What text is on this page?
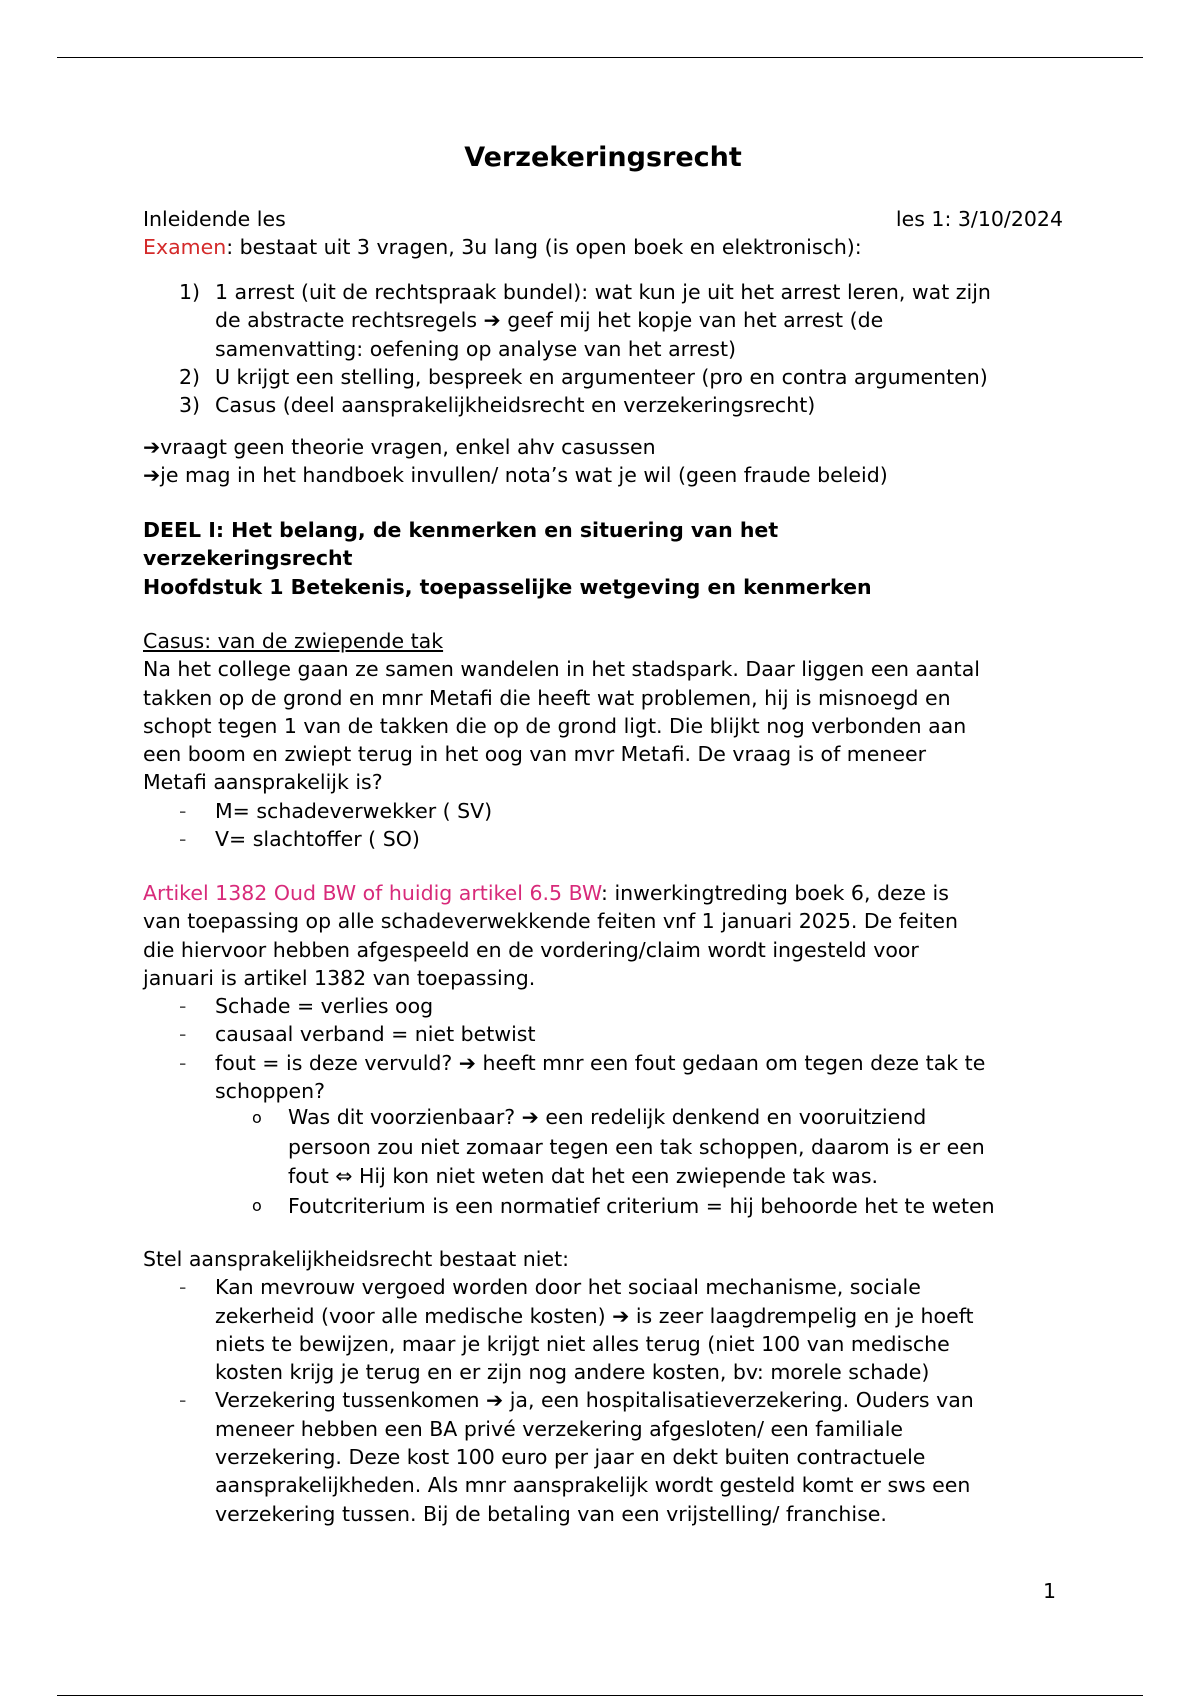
Verzekeringsrecht
Inleidende les	les 1: 3/10/2024

Examen: bestaat uit 3 vragen, 3u lang (is open boek en elektronisch):

1) 1 arrest (uit de rechtspraak bundel): wat kun je uit het arrest leren, wat zijn
de abstracte rechtsregels ➔ geef mij het kopje van het arrest (de
samenvatting: oefening op analyse van het arrest)
2) U krijgt een stelling, bespreek en argumenteer (pro en contra argumenten)
3) Casus (deel aansprakelijkheidsrecht en verzekeringsrecht)

➔vraagt geen theorie vragen, enkel ahv casussen

➔je mag in het handboek invullen/ nota’s wat je wil (geen fraude beleid)

DEEL I: Het belang, de kenmerken en situering van het

verzekeringsrecht

Hoofdstuk 1 Betekenis, toepasselijke wetgeving en kenmerken

Casus: van de zwiepende tak

Na het college gaan ze samen wandelen in het stadspark. Daar liggen een aantal

takken op de grond en mnr Metafi die heeft wat problemen, hij is misnoegd en

schopt tegen 1 van de takken die op de grond ligt. Die blijkt nog verbonden aan

een boom en zwiept terug in het oog van mvr Metafi. De vraag is of meneer

Metafi aansprakelijk is?

- M= schadeverwekker ( SV)
- V= slachtoffer ( SO)

Artikel 1382 Oud BW of huidig artikel 6.5 BW: inwerkingtreding boek 6, deze is

van toepassing op alle schadeverwekkende feiten vnf 1 januari 2025. De feiten

die hiervoor hebben afgespeeld en de vordering/claim wordt ingesteld voor

januari is artikel 1382 van toepassing.

- Schade = verlies oog
- causaal verband = niet betwist
- fout = is deze vervuld? ➔ heeft mnr een fout gedaan om tegen deze tak te
schoppen?
o Was dit voorzienbaar? ➔ een redelijk denkend en vooruitziend
persoon zou niet zomaar tegen een tak schoppen, daarom is er een
fout ⇔ Hij kon niet weten dat het een zwiepende tak was.
o Foutcriterium is een normatief criterium = hij behoorde het te weten

Stel aansprakelijkheidsrecht bestaat niet:

- Kan mevrouw vergoed worden door het sociaal mechanisme, sociale
zekerheid (voor alle medische kosten) ➔ is zeer laagdrempelig en je hoeft
niets te bewijzen, maar je krijgt niet alles terug (niet 100 van medische
kosten krijg je terug en er zijn nog andere kosten, bv: morele schade)
- Verzekering tussenkomen ➔ ja, een hospitalisatieverzekering. Ouders van
meneer hebben een BA privé verzekering afgesloten/ een familiale
verzekering. Deze kost 100 euro per jaar en dekt buiten contractuele
aansprakelijkheden. Als mnr aansprakelijk wordt gesteld komt er sws een
verzekering tussen. Bij de betaling van een vrijstelling/ franchise.
1
